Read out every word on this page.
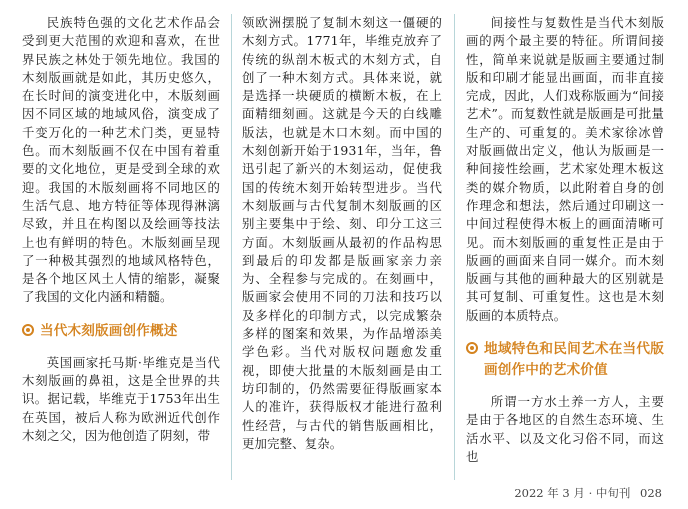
民族特色强的文化艺术作品会受到更大范围的欢迎和喜欢，在世界民族之林处于领先地位。我国的木刻版画就是如此，其历史悠久，在长时间的演变进化中，木版刻画因不同区域的地域风俗，演变成了千变万化的一种艺术门类，更显特色。而木刻版画不仅在中国有着重要的文化地位，更是受到全球的欢迎。我国的木版刻画将不同地区的生活气息、地方特征等体现得淋漓尽致，并且在构图以及绘画等技法上也有鲜明的特色。木版刻画呈现了一种极其强烈的地域风格特色，是各个地区风土人情的缩影，凝聚了我国的文化内涵和精髓。

当代木刻版画创作概述

英国画家托马斯·毕维克是当代木刻版画的鼻祖，这是全世界的共识。据记载，毕维克于1753年出生在英国，被后人称为欧洲近代创作木刻之父，因为他创造了阴刻，带

领欧洲摆脱了复制木刻这一僵硬的木刻方式。1771年，毕维克放弃了传统的纵剖木板式的木刻方式，自创了一种木刻方式。具体来说，就是选择一块硬质的横断木板，在上面精细刻画。这就是今天的白线雕版法，也就是木口木刻。而中国的木刻创新开始于1931年，当年，鲁迅引起了新兴的木刻运动，促使我国的传统木刻开始转型进步。当代木刻版画与古代复制木刻版画的区别主要集中于绘、刻、印分工这三方面。木刻版画从最初的作品构思到最后的印发都是版画家亲力亲为、全程参与完成的。在刻画中，版画家会使用不同的刀法和技巧以及多样化的印制方式，以完成繁杂多样的图案和效果，为作品增添美学色彩。当代对版权问题愈发重视，即使大批量的木版刻画是由工坊印制的，仍然需要征得版画家本人的准许，获得版权才能进行盈利性经营，与古代的销售版画相比，更加完整、复杂。

间接性与复数性是当代木刻版画的两个最主要的特征。所谓间接性，简单来说就是版画主要通过制版和印刷才能显出画面，而非直接完成，因此，人们戏称版画为“间接艺术”。而复数性就是版画是可批量生产的、可重复的。美术家徐冰曾对版画做出定义，他认为版画是一种间接性绘画，艺术家处理木板这类的媒介物质，以此附着自身的创作理念和想法，然后通过印刷这一中间过程使得木板上的画面清晰可见。而木刻版画的重复性正是由于版画的画面来自同一媒介。而木刻版画与其他的画种最大的区别就是其可复制、可重复性。这也是木刻版画的本质特点。

地域特色和民间艺术在当代版画创作中的艺术价值

所谓一方水土养一方人，主要是由于各地区的自然生态环境、生活水平、以及文化习俗不同，而这也

2022 年 3 月 · 中旬刊 028
